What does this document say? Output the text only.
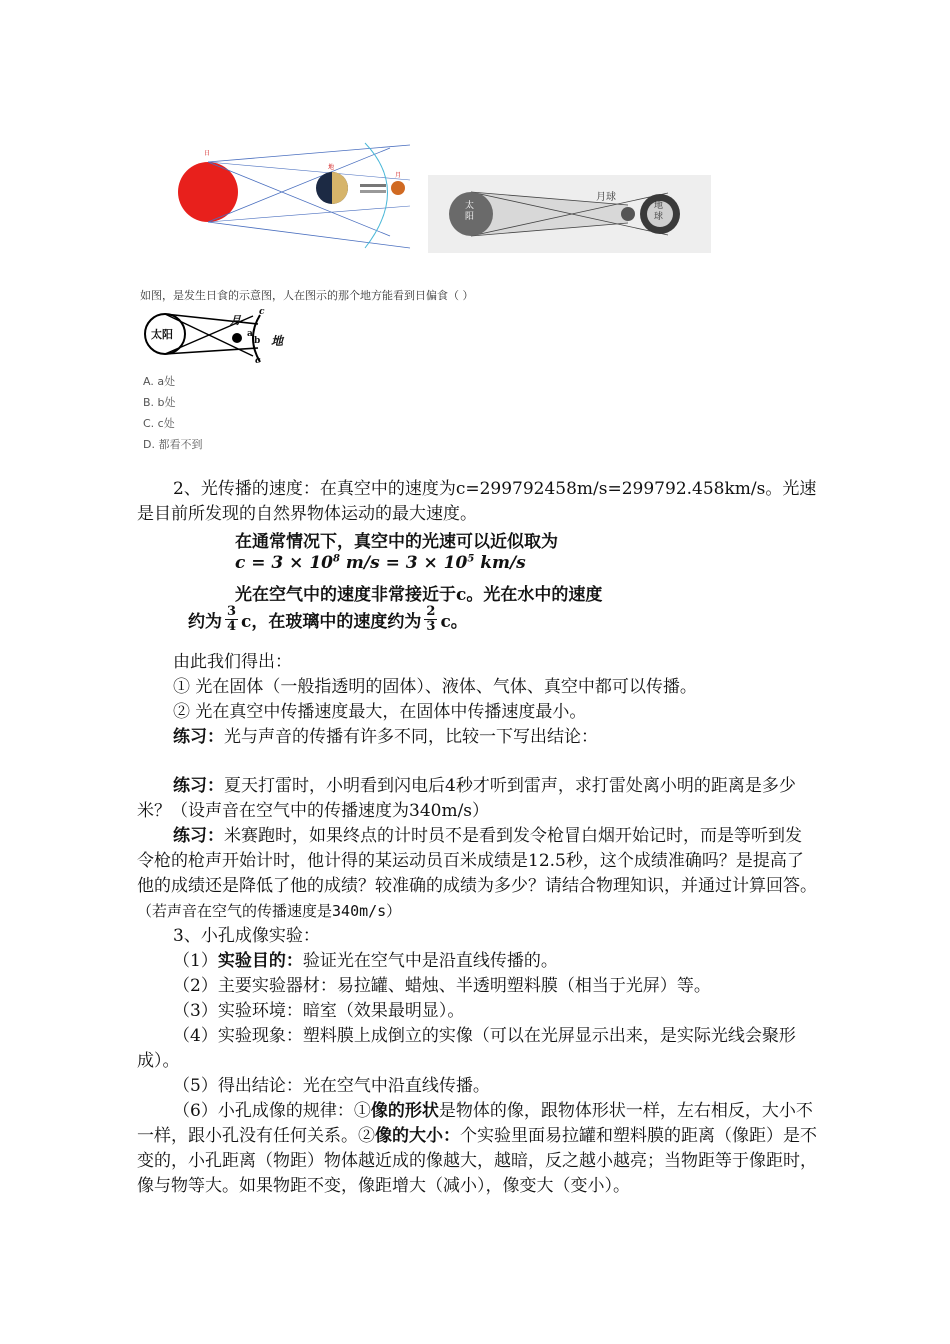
日
地
月
太
阳
月球
地
球
如图，是发生日食的示意图，人在图示的那个地方能看到日偏食（ ）
太阳
月
地
a
b
c
c
A. a处
B. b处
C. c处
D. 都看不到

2、光传播的速度：在真空中的速度为c=299792458m/s=299792.458km/s。光速是目前所发现的自然界物体运动的最大速度。

在通常情况下，真空中的光速可以近似取为
$c = 3 \times 10^8$ $m/s = 3 \times 10^5$ km/s
光在空气中的速度非常接近于c。光在水中的速度
约为
3
4 c，在玻璃中的速度约为
2
3 c。

由此我们得出：

① 光在固体（一般指透明的固体）、液体、气体、真空中都可以传播。

② 光在真空中传播速度最大，在固体中传播速度最小。

练习：光与声音的传播有许多不同，比较一下写出结论：

练习：夏天打雷时，小明看到闪电后4秒才听到雷声，求打雷处离小明的距离是多少米？（设声音在空气中的传播速度为340m/s）

练习：米赛跑时，如果终点的计时员不是看到发令枪冒白烟开始记时，而是等听到发令枪的枪声开始计时，他计得的某运动员百米成绩是12.5秒，这个成绩准确吗？是提高了他的成绩还是降低了他的成绩？较准确的成绩为多少？请结合物理知识，并通过计算回答。（若声音在空气的传播速度是340m/s）

3、小孔成像实验：

（1）实验目的：验证光在空气中是沿直线传播的。

（2）主要实验器材：易拉罐、蜡烛、半透明塑料膜（相当于光屏）等。

（3）实验环境：暗室（效果最明显）。

（4）实验现象：塑料膜上成倒立的实像（可以在光屏显示出来，是实际光线会聚形成）。

（5）得出结论：光在空气中沿直线传播。

（6）小孔成像的规律：①像的形状是物体的像，跟物体形状一样，左右相反，大小不一样，跟小孔没有任何关系。②像的大小：个实验里面易拉罐和塑料膜的距离（像距）是不变的，小孔距离（物距）物体越近成的像越大，越暗，反之越小越亮；当物距等于像距时，像与物等大。如果物距不变，像距增大（减小），像变大（变小）。
